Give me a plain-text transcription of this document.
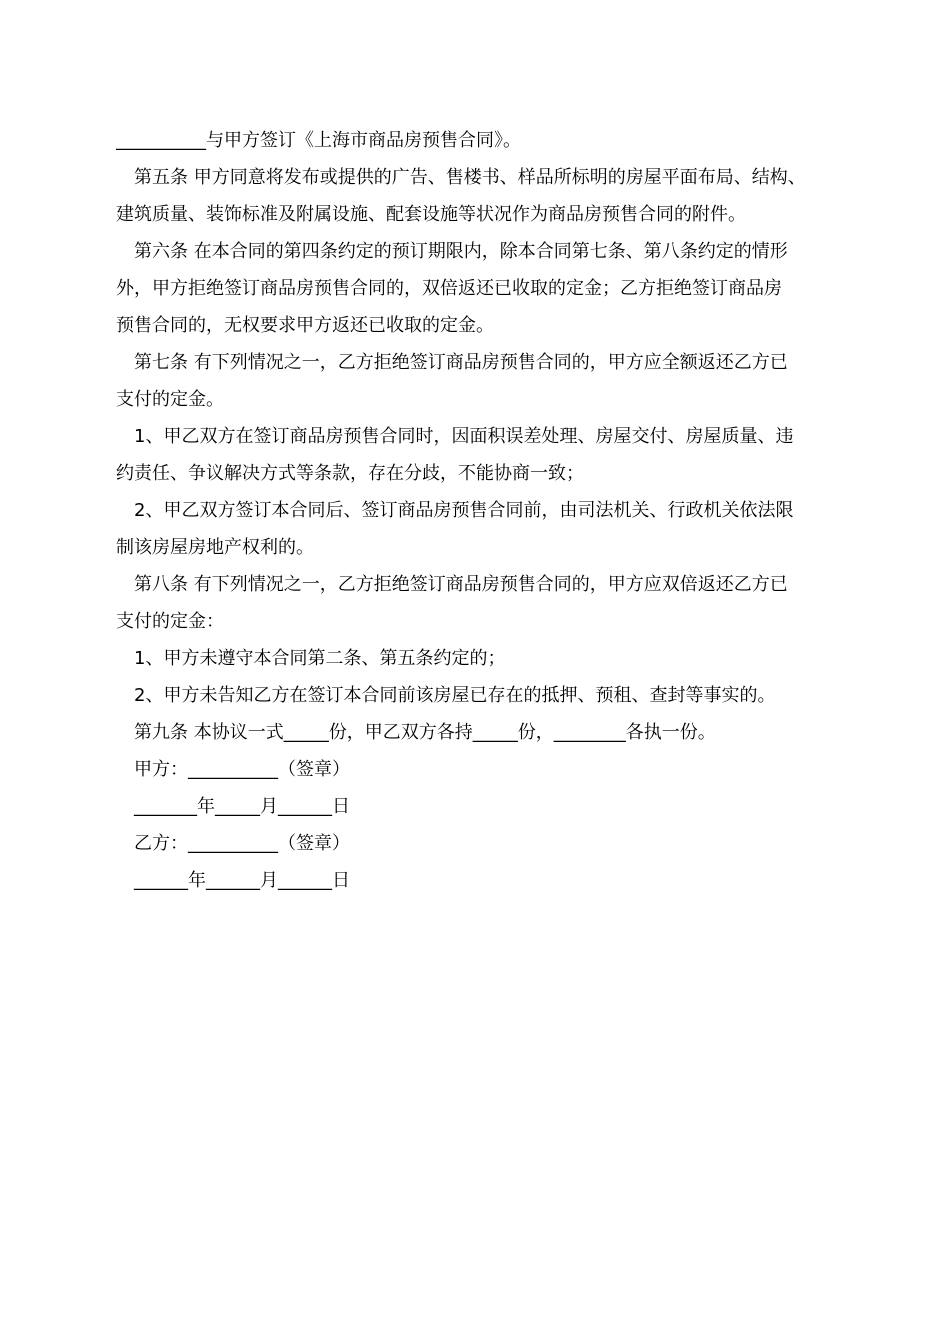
__________与甲方签订《上海市商品房预售合同》。
第五条 甲方同意将发布或提供的广告、售楼书、样品所标明的房屋平面布局、结构、
建筑质量、装饰标准及附属设施、配套设施等状况作为商品房预售合同的附件。
第六条 在本合同的第四条约定的预订期限内，除本合同第七条、第八条约定的情形
外，甲方拒绝签订商品房预售合同的，双倍返还已收取的定金；乙方拒绝签订商品房
预售合同的，无权要求甲方返还已收取的定金。
第七条 有下列情况之一，乙方拒绝签订商品房预售合同的，甲方应全额返还乙方已
支付的定金。
1、甲乙双方在签订商品房预售合同时，因面积误差处理、房屋交付、房屋质量、违
约责任、争议解决方式等条款，存在分歧，不能协商一致；
2、甲乙双方签订本合同后、签订商品房预售合同前，由司法机关、行政机关依法限
制该房屋房地产权利的。
第八条 有下列情况之一，乙方拒绝签订商品房预售合同的，甲方应双倍返还乙方已
支付的定金：
1、甲方未遵守本合同第二条、第五条约定的；
2、甲方未告知乙方在签订本合同前该房屋已存在的抵押、预租、查封等事实的。
第九条 本协议一式_____份，甲乙双方各持_____份，________各执一份。
甲方：__________（签章）
_______年_____月______日
乙方：__________（签章）
______年______月______日
